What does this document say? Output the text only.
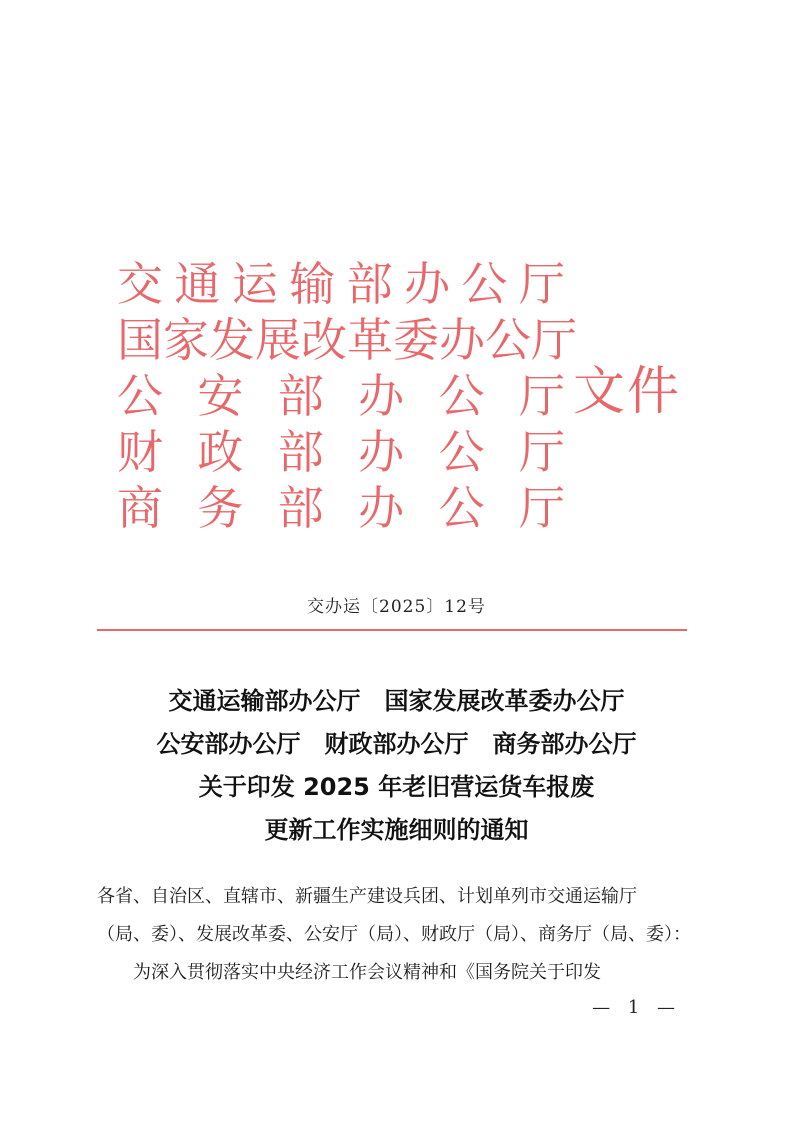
交 通 运 输 部 办 公 厅
国 家 发 展 改 革 委 办 公 厅
公 安 部 办 公 厅
财 政 部 办 公 厅
商 务 部 办 公 厅
文件
交办运〔2025〕12号
交通运输部办公厅 国家发展改革委办公厅
公安部办公厅 财政部办公厅 商务部办公厅
关于印发 2025 年老旧营运货车报废
更新工作实施细则的通知
各省、自治区、直辖市、新疆生产建设兵团、计划单列市交通运输厅
（局、委）、发展改革委、公安厅（局）、财政厅（局）、商务厅（局、委）：
为深入贯彻落实中央经济工作会议精神和《国务院关于印发
— 1 —
